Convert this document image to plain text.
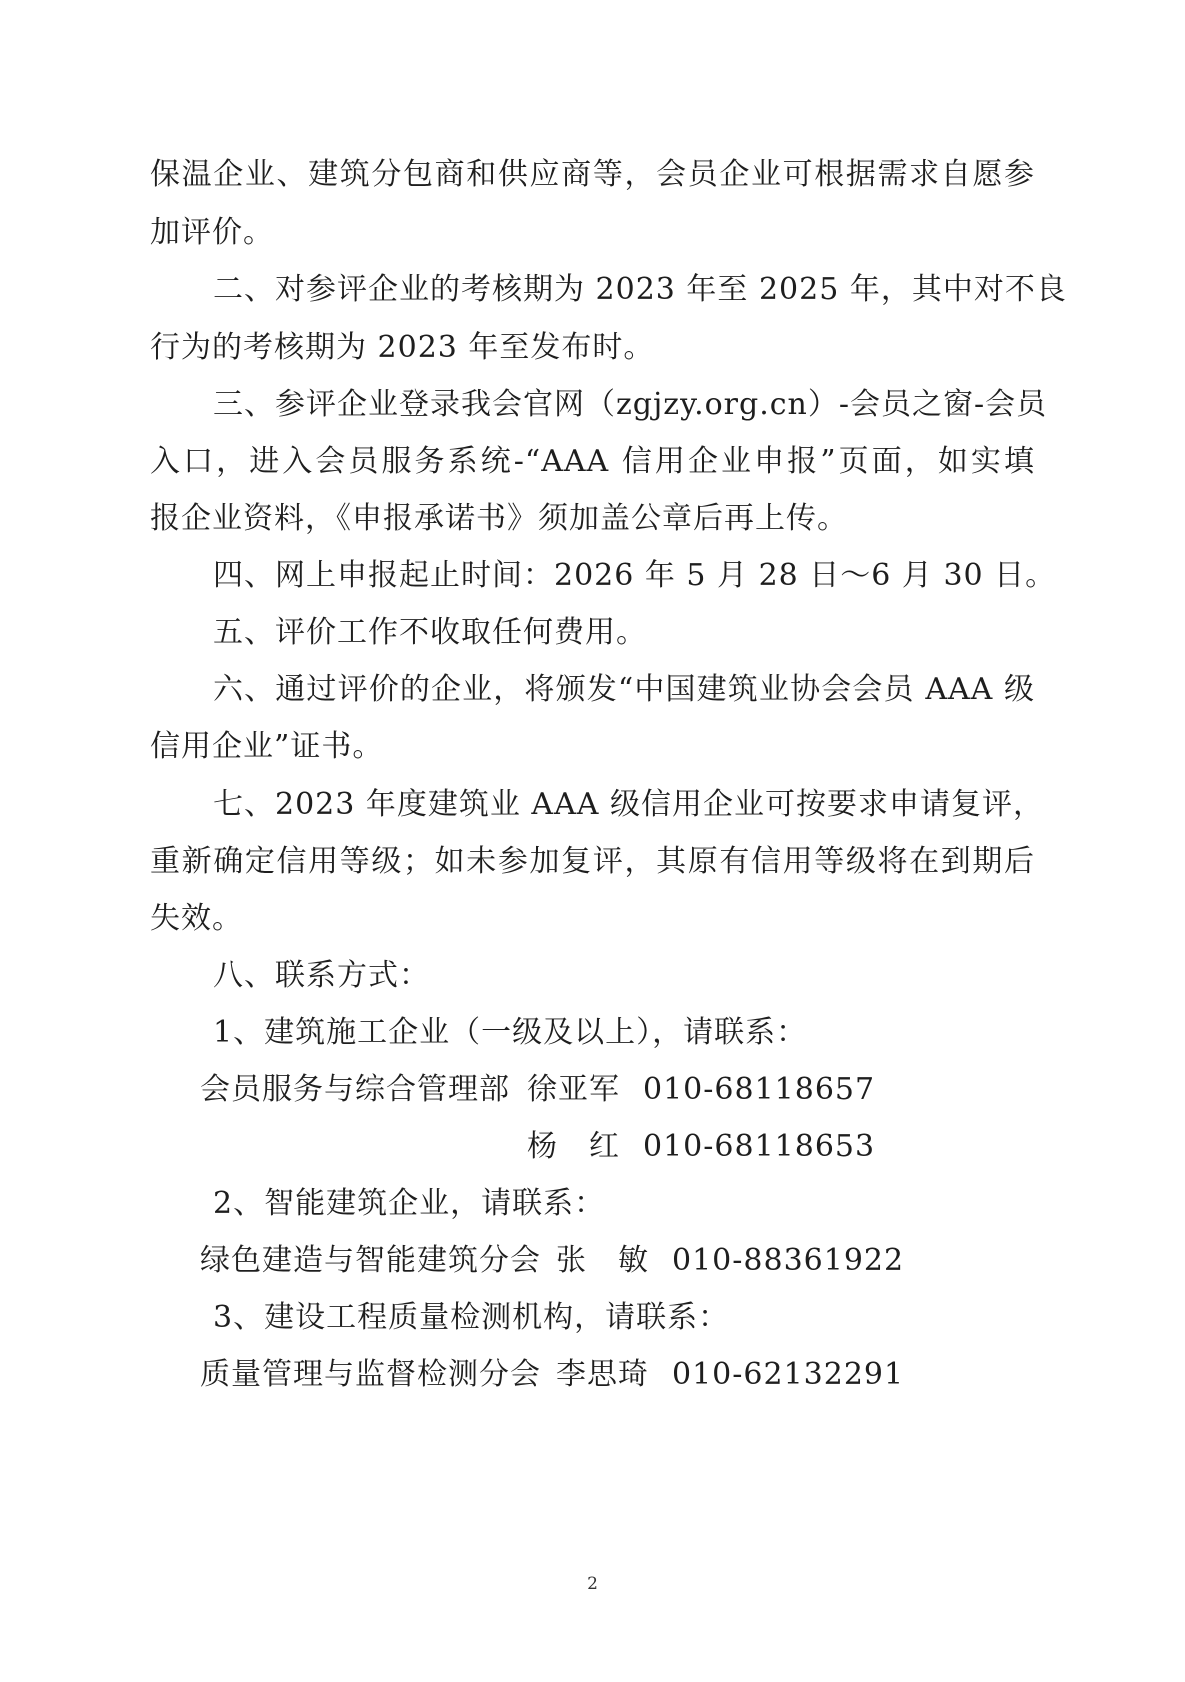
保温企业、建筑分包商和供应商等，会员企业可根据需求自愿参
加评价。
二、对参评企业的考核期为 2023 年至 2025 年，其中对不良
行为的考核期为 2023 年至发布时。
三、参评企业登录我会官网（zgjzy.org.cn）-会员之窗-会员
入口，进入会员服务系统-“AAA 信用企业申报”页面，如实填
报企业资料，《申报承诺书》须加盖公章后再上传。
四、网上申报起止时间：2026 年 5 月 28 日～6 月 30 日。
五、评价工作不收取任何费用。
六、通过评价的企业，将颁发“中国建筑业协会会员 AAA 级
信用企业”证书。
七、2023 年度建筑业 AAA 级信用企业可按要求申请复评，
重新确定信用等级；如未参加复评，其原有信用等级将在到期后
失效。
八、联系方式：
1、建筑施工企业（一级及以上），请联系：
会员服务与综合管理部 徐亚军 010-68118657
杨　红 010-68118653
2、智能建筑企业，请联系：
绿色建造与智能建筑分会 张　敏 010-88361922
3、建设工程质量检测机构，请联系：
质量管理与监督检测分会 李思琦 010-62132291
2
